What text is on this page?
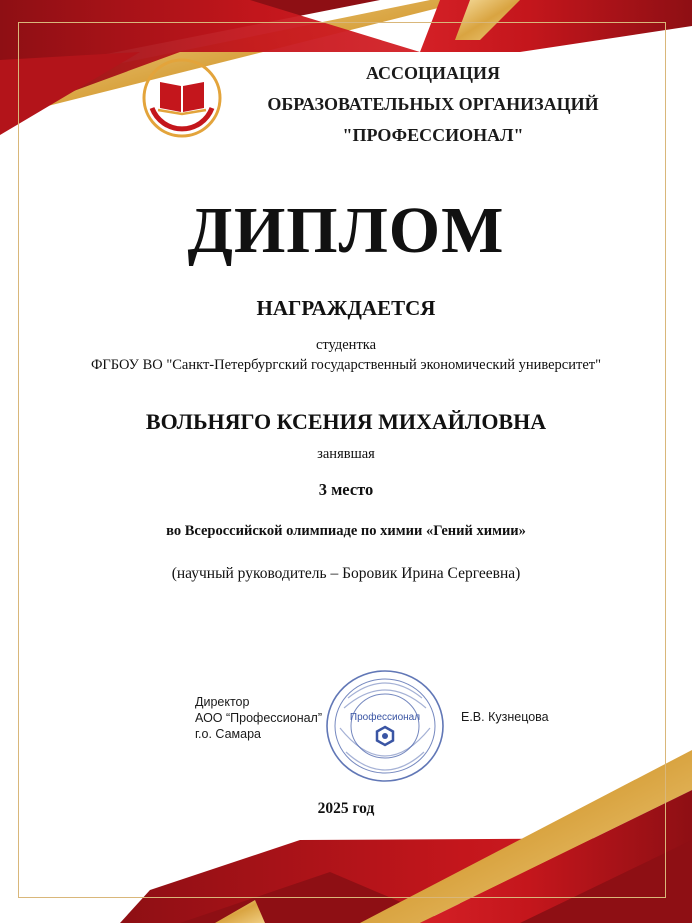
АССОЦИАЦИЯ
ОБРАЗОВАТЕЛЬНЫХ ОРГАНИЗАЦИЙ
"ПРОФЕССИОНАЛ"
ДИПЛОМ
НАГРАЖДАЕТСЯ
студентка
ФГБОУ ВО "Санкт-Петербургский государственный экономический университет"
ВОЛЬНЯГО КСЕНИЯ МИХАЙЛОВНА
занявшая
3 место
во Всероссийской олимпиаде по химии «Гений химии»
(научный руководитель – Боровик Ирина Сергеевна)
Директор
АОО “Профессионал”
г.о. Самара
Профессионал	Е.В. Кузнецова
2025 год
